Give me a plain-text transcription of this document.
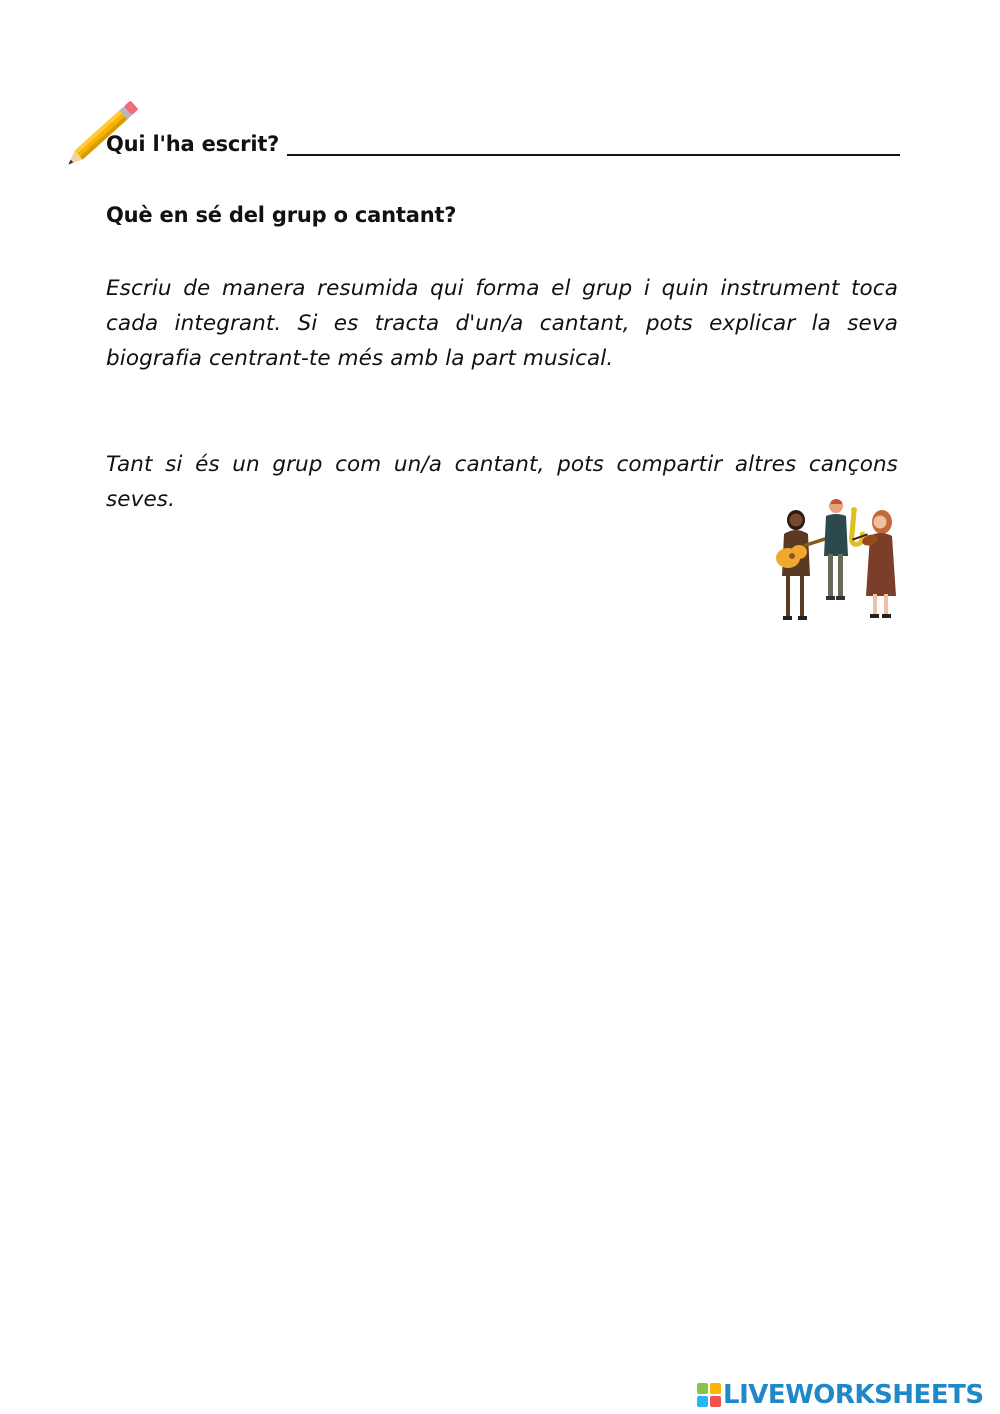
Qui l'ha escrit?
Què en sé del grup o cantant?

Escriu de manera resumida qui forma el grup i quin instrument toca cada integrant. Si es tracta d'un/a cantant, pots explicar la seva biografia centrant-te més amb la part musical.

Tant si és un grup com un/a cantant, pots compartir altres cançons seves.

LIVEWORKSHEETS
